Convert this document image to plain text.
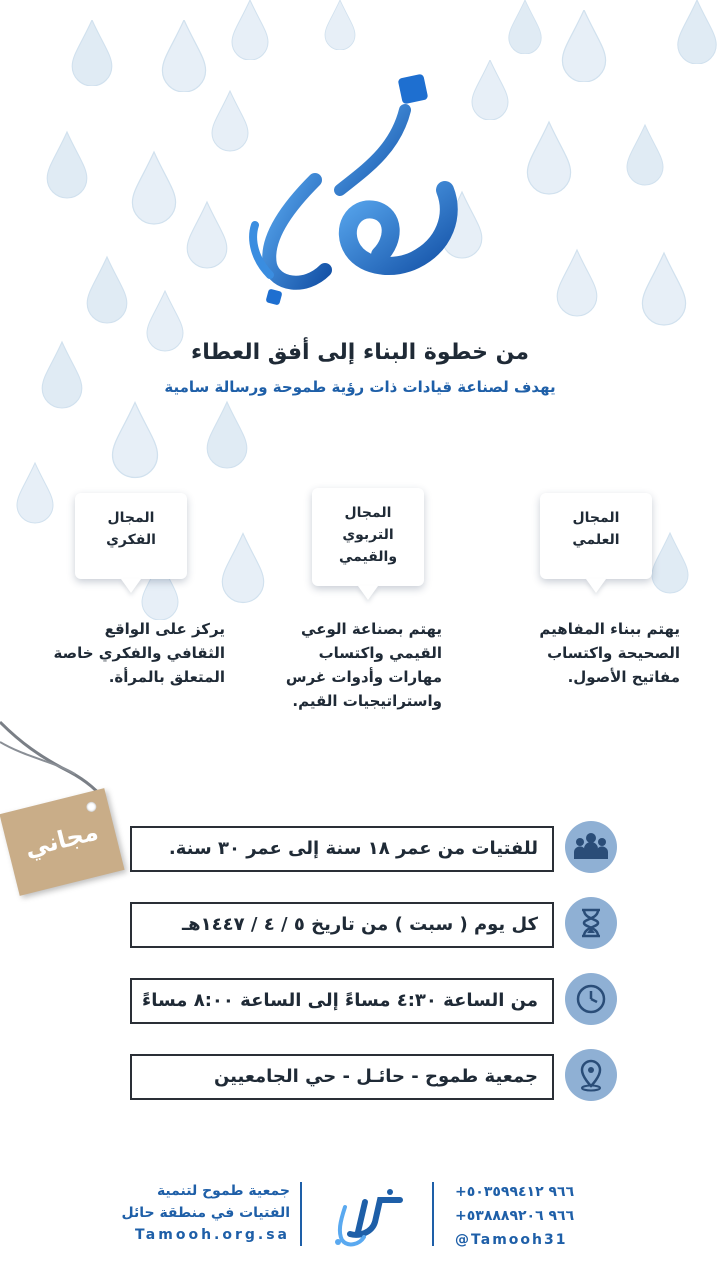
من خطوة البناء إلى أفق العطاء
يهدف لصناعة قيادات ذات رؤية طموحة ورسالة سامية
المجال
العلمي
المجال
التربوي
والقيمي
المجال
الفكري
يهتم ببناء المفاهيم
الصحيحة واكتساب
مفاتيح الأصول.
يهتم بصناعة الوعي
القيمي واكتساب
مهارات وأدوات غرس
واستراتيجيات القيم.
يركز على الواقع
الثقافي والفكري خاصة
المتعلق بالمرأة.
مجاني	للفتيات من عمر ١٨ سنة إلى عمر ٣٠ سنة.
كل يوم ( سبت ) من تاريخ ٥ / ٤ / ١٤٤٧هـ
من الساعة ٤:٣٠ مساءً إلى الساعة ٨:٠٠ مساءً
جمعية طموح - حائـل - حي الجامعيين
+٩٦٦ ٥٠٣٥٩٩٤١٢
+٩٦٦ ٥٣٨٨٨٩٢٠٦
@Tamooh31
جمعية طموح لتنمية
الفتيات في منطقة حائل
Tamooh.org.sa
